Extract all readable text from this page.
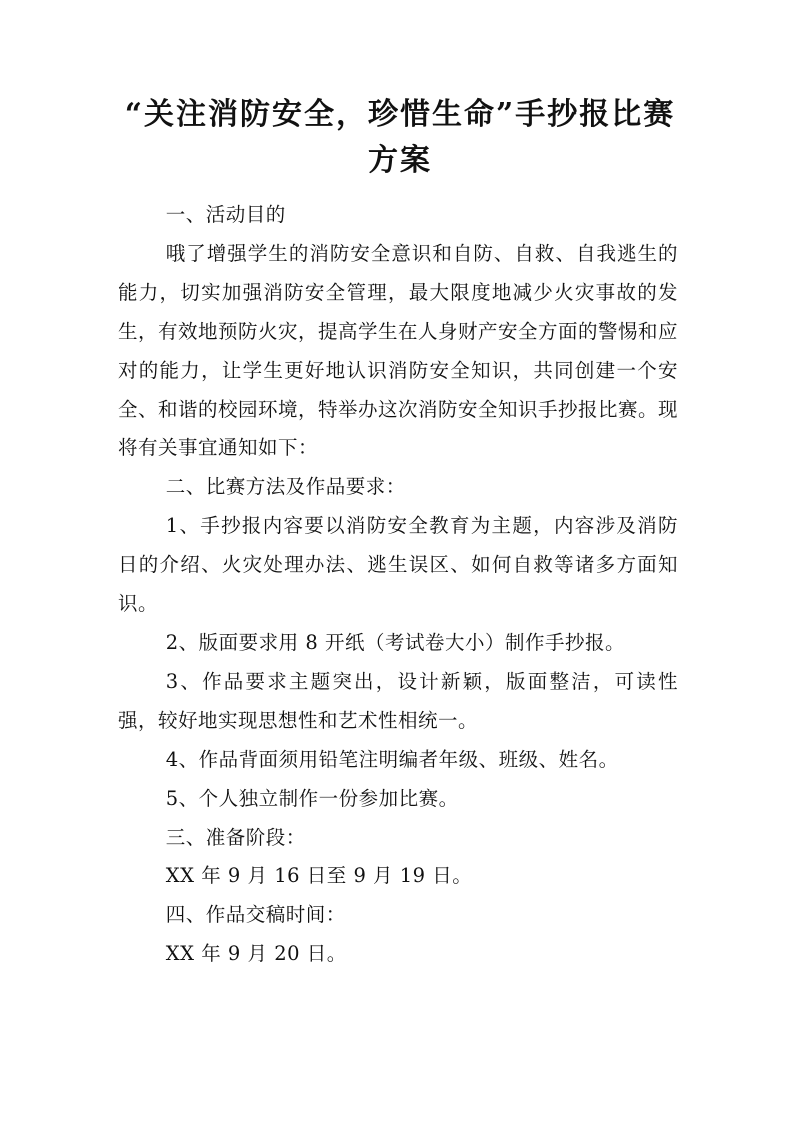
“关注消防安全，珍惜生命”手抄报比赛方案

一、活动目的

哦了增强学生的消防安全意识和自防、自救、自我逃生的能力，切实加强消防安全管理，最大限度地减少火灾事故的发生，有效地预防火灾，提高学生在人身财产安全方面的警惕和应对的能力，让学生更好地认识消防安全知识，共同创建一个安全、和谐的校园环境，特举办这次消防安全知识手抄报比赛。现将有关事宜通知如下：

二、比赛方法及作品要求：

1、手抄报内容要以消防安全教育为主题，内容涉及消防日的介绍、火灾处理办法、逃生误区、如何自救等诸多方面知识。

2、版面要求用 8 开纸（考试卷大小）制作手抄报。

3、作品要求主题突出，设计新颖，版面整洁，可读性强，较好地实现思想性和艺术性相统一。

4、作品背面须用铅笔注明编者年级、班级、姓名。

5、个人独立制作一份参加比赛。

三、准备阶段：

XX 年 9 月 16 日至 9 月 19 日。

四、作品交稿时间：

XX 年 9 月 20 日。
